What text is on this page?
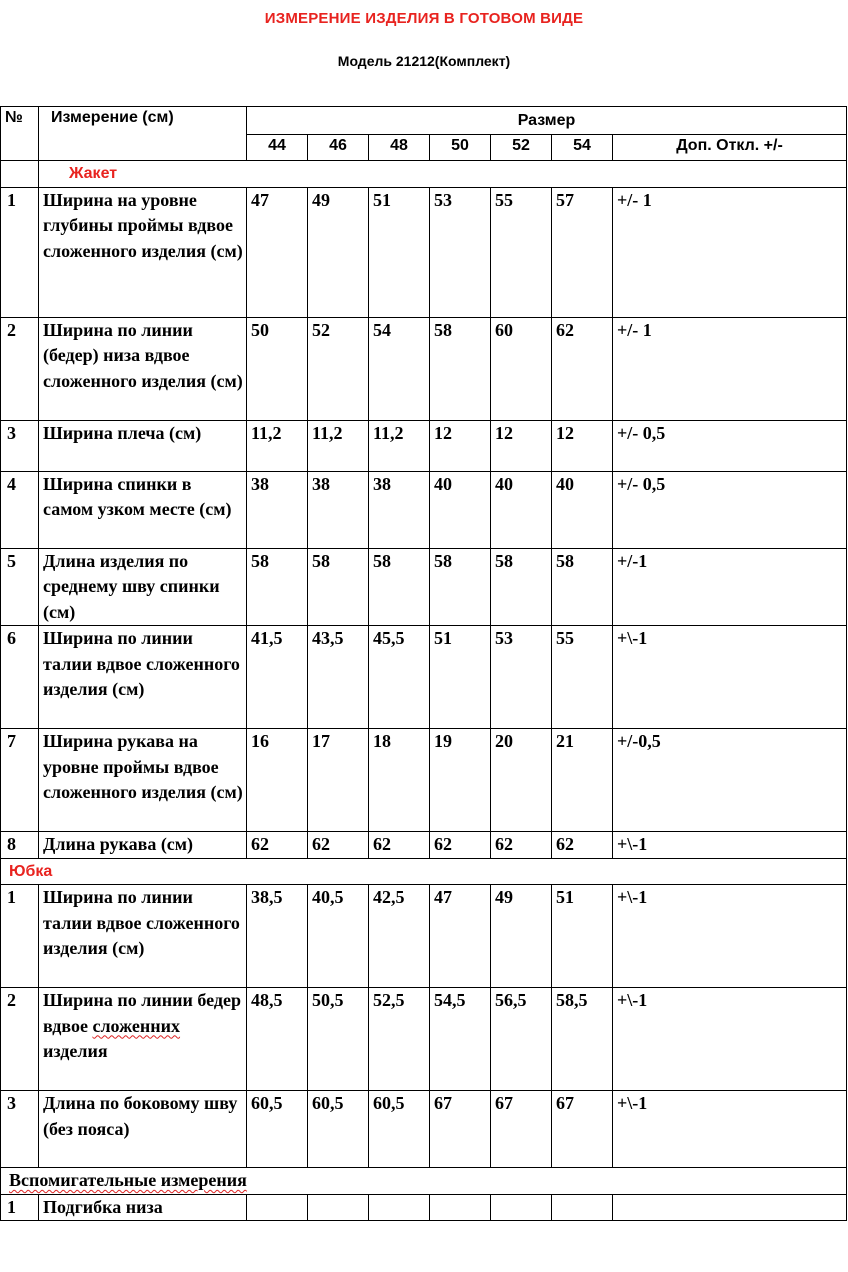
ИЗМЕРЕНИЕ ИЗДЕЛИЯ В ГОТОВОМ ВИДЕ
Модель 21212(Комплект)
№	Измерение (см)	Размер						
		44	46	48	50	52	54	Доп. Откл. +/-
	Жакет							
1	Ширина на уровне глубины проймы вдвое сложенного изделия (см)	47	49	51	53	55	57	+/- 1
2	Ширина по линии (бедер) низа вдвое сложенного изделия (см)	50	52	54	58	60	62	+/- 1
3	Ширина плеча (см)	11,2	11,2	11,2	12	12	12	+/- 0,5
4	Ширина спинки в самом узком месте (см)	38	38	38	40	40	40	+/- 0,5
5	Длина изделия по среднему шву спинки (см)	58	58	58	58	58	58	+/-1
6	Ширина по линии талии вдвое сложенного изделия (см)	41,5	43,5	45,5	51	53	55	+\-1
7	Ширина рукава на уровне проймы вдвое сложенного изделия (см)	16	17	18	19	20	21	+/-0,5
8	Длина рукава (см)	62	62	62	62	62	62	+\-1
Юбка								
1	Ширина по линии талии вдвое сложенного изделия (см)	38,5	40,5	42,5	47	49	51	+\-1
2	Ширина по линии бедер вдвое сложенних изделия	48,5	50,5	52,5	54,5	56,5	58,5	+\-1
3	Длина по боковому шву (без пояса)	60,5	60,5	60,5	67	67	67	+\-1
Вспомигательные измерения								
1	Подгибка низа							
